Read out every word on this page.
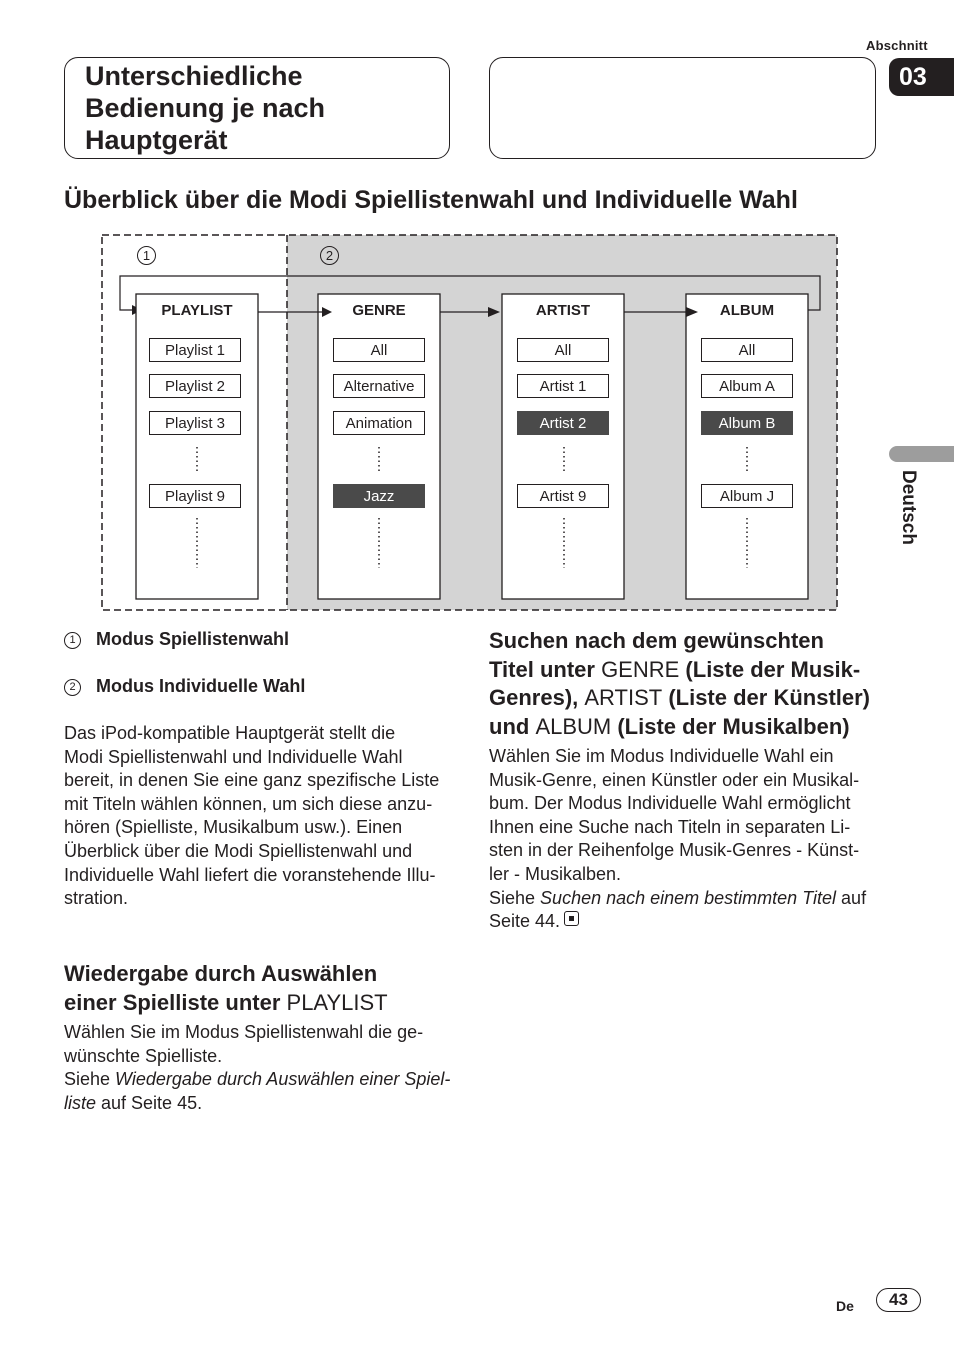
Abschnitt
03
Unterschiedliche
Bedienung je nach
Hauptgerät
Überblick über die Modi Spiellistenwahl und Individuelle Wahl
1	2
PLAYLIST	GENRE	ARTIST	ALBUM
Playlist 1
Playlist 2
Playlist 3
Playlist 9
All
Alternative
Animation
Jazz
All
Artist 1
Artist 2
Artist 9
All
Album A
Album B
Album J
1 Modus Spiellistenwahl
2 Modus Individuelle Wahl
Das iPod-kompatible Hauptgerät stellt die
Modi Spiellistenwahl und Individuelle Wahl
bereit, in denen Sie eine ganz spezifische Liste
mit Titeln wählen können, um sich diese anzu-
hören (Spielliste, Musikalbum usw.). Einen
Überblick über die Modi Spiellistenwahl und
Individuelle Wahl liefert die voranstehende Illu-
stration.
Wiedergabe durch Auswählen
einer Spielliste unter PLAYLIST
Wählen Sie im Modus Spiellistenwahl die ge-
wünschte Spielliste.
Siehe Wiedergabe durch Auswählen einer Spiel-
liste auf Seite 45.
Suchen nach dem gewünschten
Titel unter GENRE (Liste der Musik-
Genres), ARTIST (Liste der Künstler)
und ALBUM (Liste der Musikalben)
Wählen Sie im Modus Individuelle Wahl ein
Musik-Genre, einen Künstler oder ein Musikal-
bum. Der Modus Individuelle Wahl ermöglicht
Ihnen eine Suche nach Titeln in separaten Li-
sten in der Reihenfolge Musik-Genres - Künst-
ler - Musikalben.
Siehe Suchen nach einem bestimmten Titel auf
Seite 44.
Deutsch
De	43
